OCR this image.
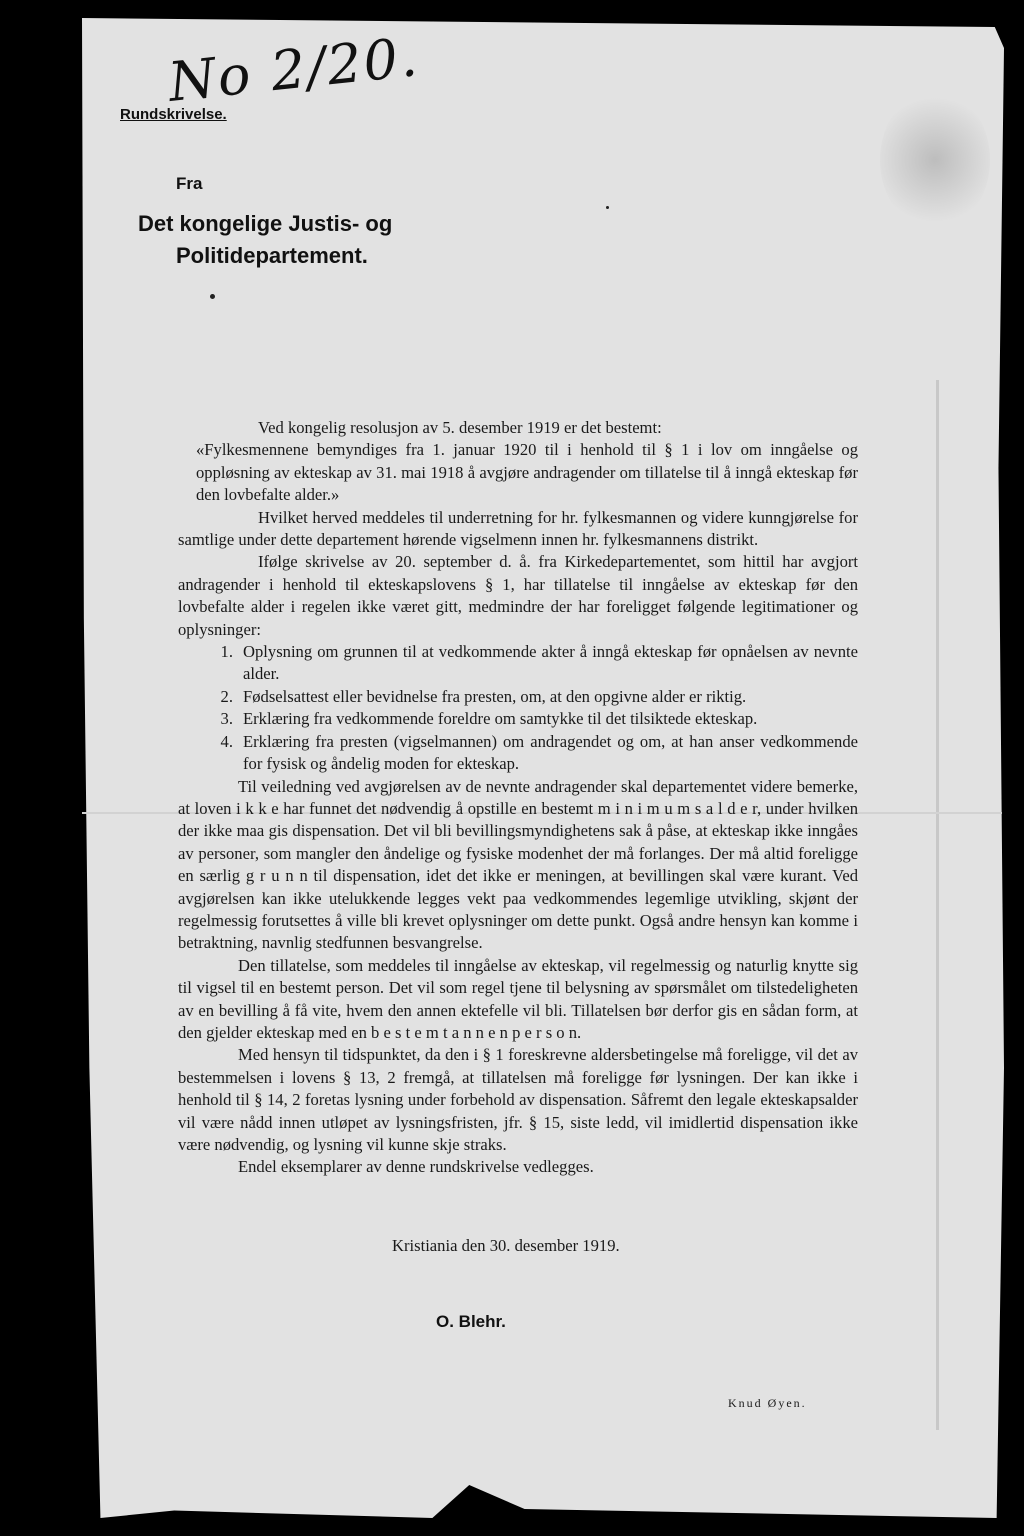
No 2/20.
Rundskrivelse.
Fra
Det kongelige Justis- og
Politidepartement.

Ved kongelig resolusjon av 5. desember 1919 er det bestemt:

«Fylkesmennene bemyndiges fra 1. januar 1920 til i henhold til § 1 i lov om inngåelse og oppløsning av ekteskap av 31. mai 1918 å avgjøre andragender om tillatelse til å inngå ekteskap før den lovbefalte alder.»

Hvilket herved meddeles til underretning for hr. fylkesmannen og videre kunngjørelse for samtlige under dette departement hørende vigselmenn innen hr. fylkesmannens distrikt.

Ifølge skrivelse av 20. september d. å. fra Kirkedepartementet, som hittil har avgjort andragender i henhold til ekteskapslovens § 1, har tillatelse til inngåelse av ekteskap før den lovbefalte alder i regelen ikke været gitt, medmindre der har foreligget følgende legitimationer og oplysninger:

1. Oplysning om grunnen til at vedkommende akter å inngå ekteskap før opnåelsen av nevnte alder.
2. Fødselsattest eller bevidnelse fra presten, om, at den opgivne alder er riktig.
3. Erklæring fra vedkommende foreldre om samtykke til det tilsiktede ekteskap.
4. Erklæring fra presten (vigselmannen) om andragendet og om, at han anser vedkommende for fysisk og åndelig moden for ekteskap.

Til veiledning ved avgjørelsen av de nevnte andragender skal departementet videre bemerke, at loven i k k e har funnet det nødvendig å opstille en bestemt m i n i m u m s a l d e r, under hvilken der ikke maa gis dispensation. Det vil bli bevillingsmyndighetens sak å påse, at ekteskap ikke inngåes av personer, som mangler den åndelige og fysiske modenhet der må forlanges. Der må altid foreligge en særlig g r u n n til dispensation, idet det ikke er meningen, at bevillingen skal være kurant. Ved avgjørelsen kan ikke utelukkende legges vekt paa vedkommendes legemlige utvikling, skjønt der regelmessig forutsettes å ville bli krevet oplysninger om dette punkt. Også andre hensyn kan komme i betraktning, navnlig stedfunnen besvangrelse.

Den tillatelse, som meddeles til inngåelse av ekteskap, vil regelmessig og naturlig knytte sig til vigsel til en bestemt person. Det vil som regel tjene til belysning av spørsmålet om tilstedeligheten av en bevilling å få vite, hvem den annen ektefelle vil bli. Tillatelsen bør derfor gis en sådan form, at den gjelder ekteskap med en b e s t e m t a n n e n p e r s o n.

Med hensyn til tidspunktet, da den i § 1 foreskrevne aldersbetingelse må foreligge, vil det av bestemmelsen i lovens § 13, 2 fremgå, at tillatelsen må foreligge før lysningen. Der kan ikke i henhold til § 14, 2 foretas lysning under forbehold av dispensation. Såfremt den legale ekteskapsalder vil være nådd innen utløpet av lysningsfristen, jfr. § 15, siste ledd, vil imidlertid dispensation ikke være nødvendig, og lysning vil kunne skje straks.

Endel eksemplarer av denne rundskrivelse vedlegges.

Kristiania den 30. desember 1919.
O. Blehr.
Knud Øyen.
